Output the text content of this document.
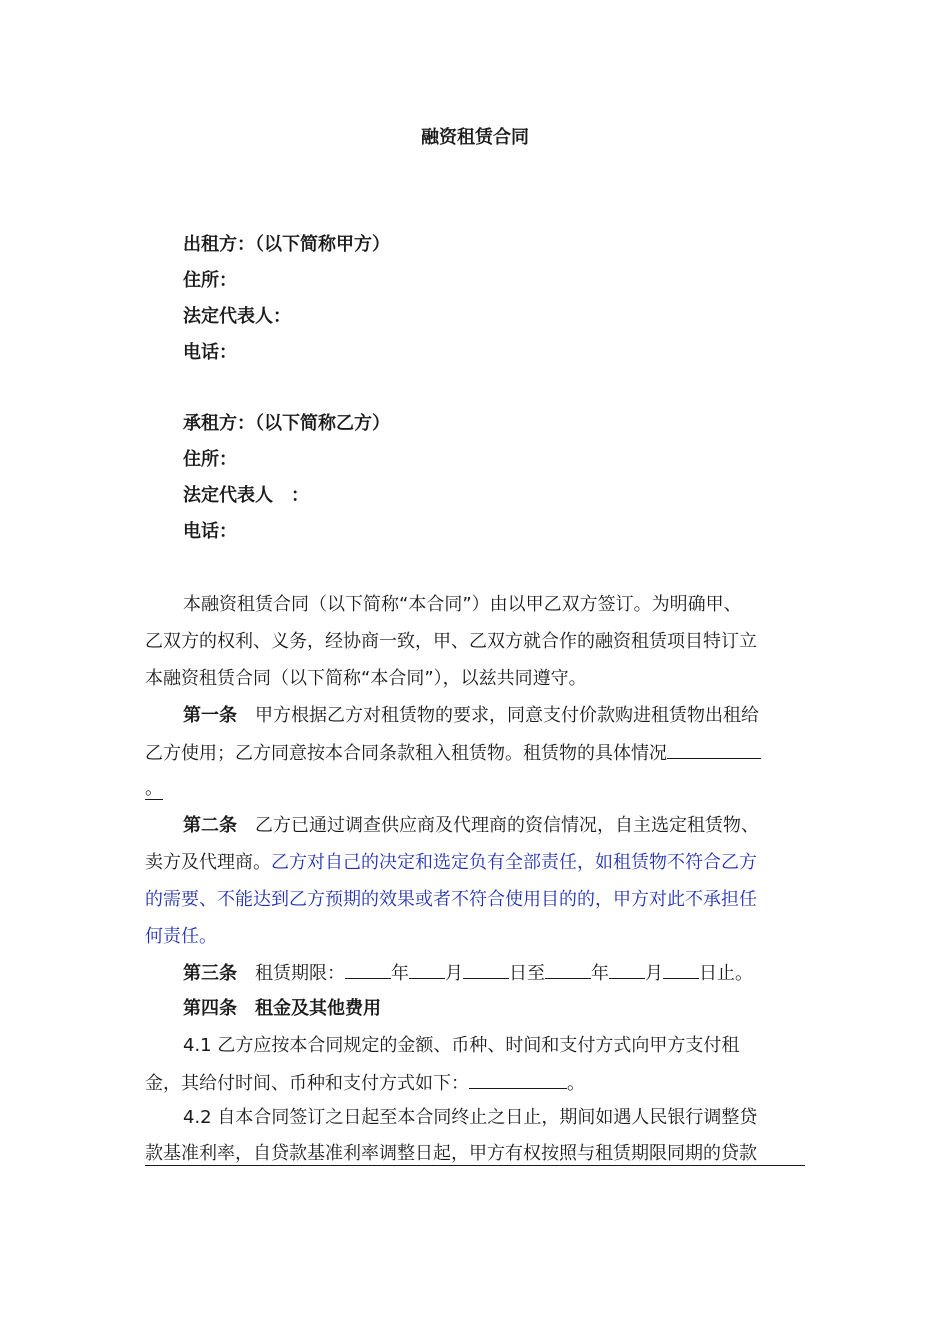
融资租赁合同
出租方：（以下简称甲方）
住所：
法定代表人：
电话：
承租方：（以下简称乙方）
住所：
法定代表人　：
电话：
本融资租赁合同（以下简称“本合同”）由以甲乙双方签订。为明确甲、
乙双方的权利、义务，经协商一致，甲、乙双方就合作的融资租赁项目特订立
本融资租赁合同（以下简称“本合同”），以兹共同遵守。
第一条 甲方根据乙方对租赁物的要求，同意支付价款购进租赁物出租给
乙方使用；乙方同意按本合同条款租入租赁物。租赁物的具体情况
。
第二条 乙方已通过调查供应商及代理商的资信情况，自主选定租赁物、
卖方及代理商。乙方对自己的决定和选定负有全部责任，如租赁物不符合乙方
的需要、不能达到乙方预期的效果或者不符合使用目的的，甲方对此不承担任
何责任。
第三条 租赁期限：	年 月	日至	年 月 日止。
第四条 租金及其他费用
4.1 乙方应按本合同规定的金额、币种、时间和支付方式向甲方支付租
金，其给付时间、币种和支付方式如下：	。
4.2 自本合同签订之日起至本合同终止之日止，期间如遇人民银行调整贷
款基准利率，自贷款基准利率调整日起，甲方有权按照与租赁期限同期的贷款
